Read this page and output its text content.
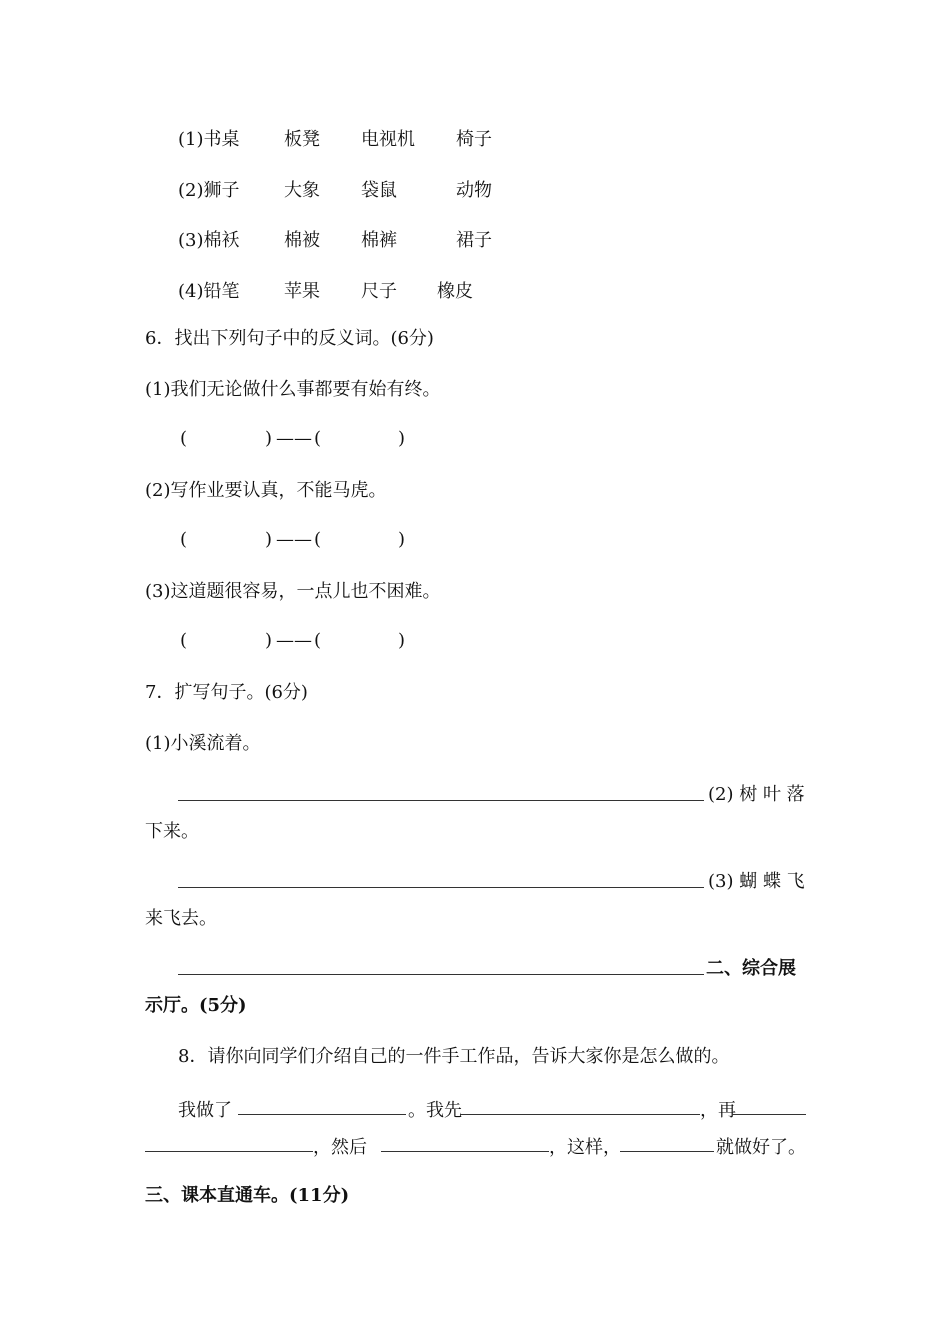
(1)书桌 板凳 电视机 椅子
(2)狮子 大象 袋鼠	动物
(3)棉袄 棉被 棉裤	裙子
(4)铅笔 苹果 尺子 橡皮
6．找出下列句子中的反义词。(6分)
(1)我们无论做什么事都要有始有终。
(	) —— (	)
(2)写作业要认真，不能马虎。
(	) —— (	)
(3)这道题很容易，一点儿也不困难。
(	) —— (	)
7．扩写句子。(6分)
(1)小溪流着。
(2) 树 叶 落
下来。
(3) 蝴 蝶 飞
来飞去。
二、综合展
示厅。(5分)
8．请你向同学们介绍自己的一件手工作品，告诉大家你是怎么做的。
我做了	。我先	，再
，然后	，这样，	就做好了。
三、课本直通车。(11分)
